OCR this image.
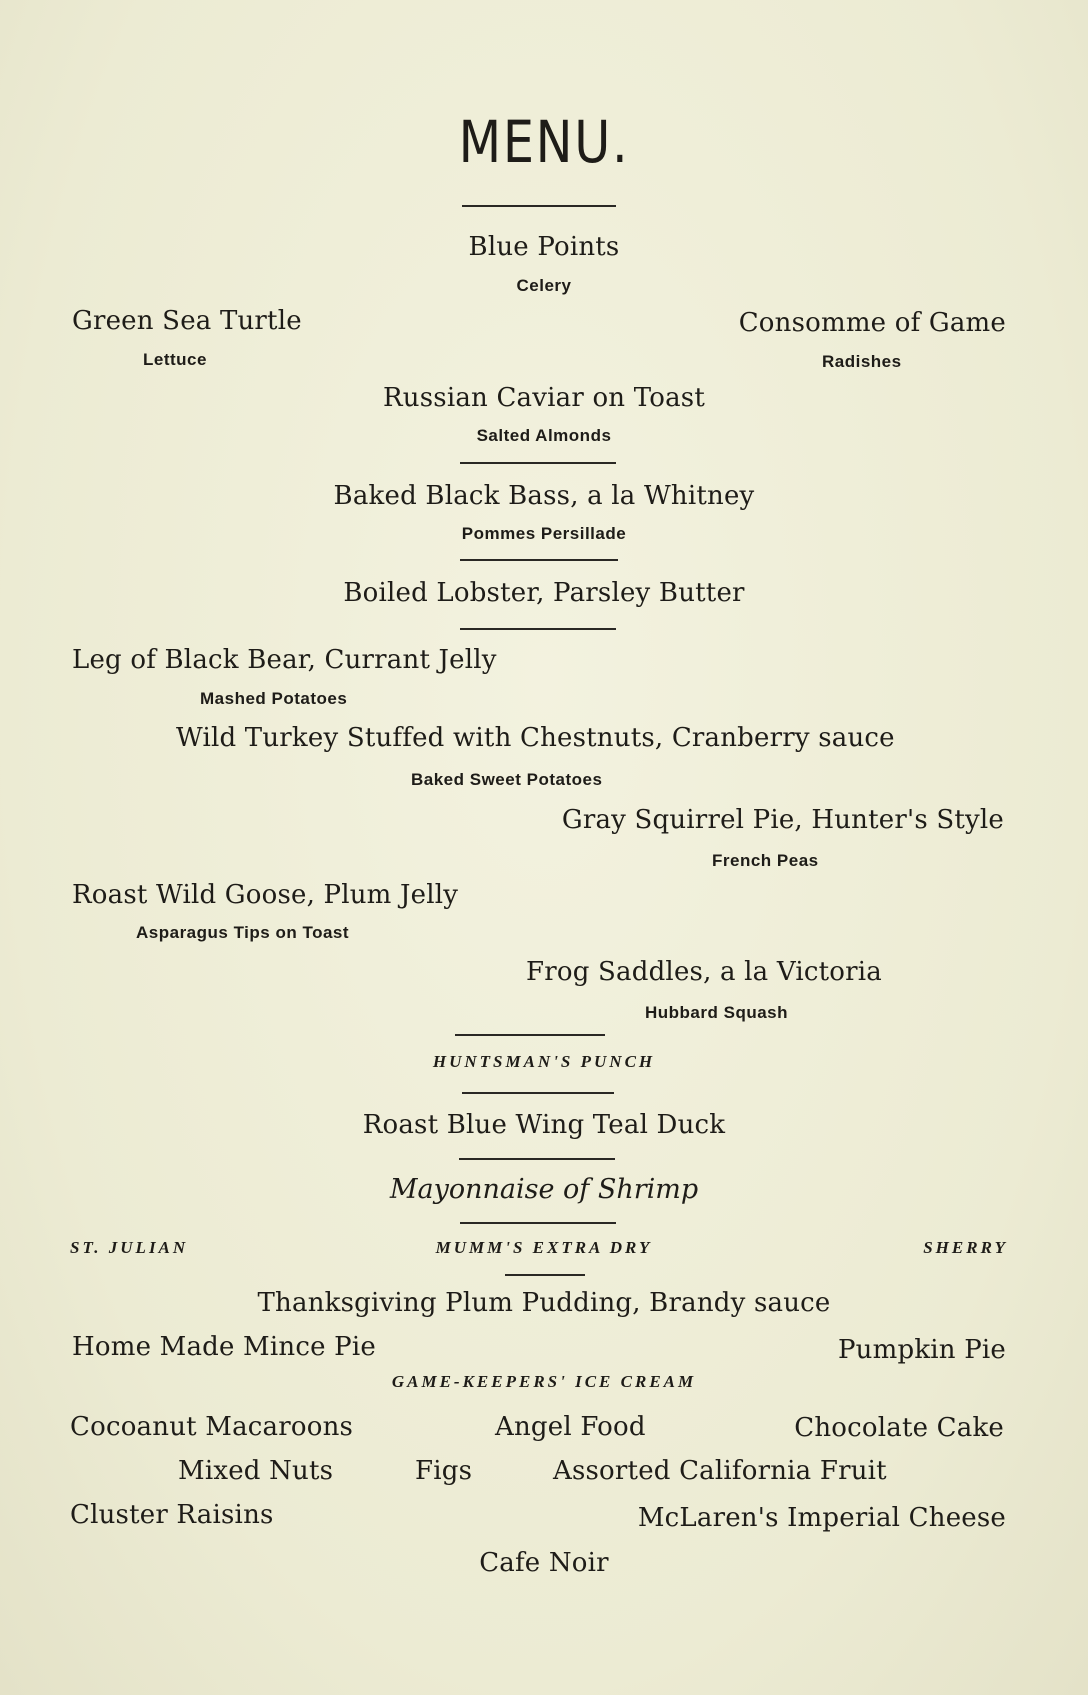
MENU.
Blue Points
Celery
Green Sea Turtle
Lettuce
Consomme of Game
Radishes
Russian Caviar on Toast
Salted Almonds
Baked Black Bass, a la Whitney
Pommes Persillade
Boiled Lobster, Parsley Butter
Leg of Black Bear, Currant Jelly
Mashed Potatoes
Wild Turkey Stuffed with Chestnuts, Cranberry sauce
Baked Sweet Potatoes
Gray Squirrel Pie, Hunter's Style
French Peas
Roast Wild Goose, Plum Jelly
Asparagus Tips on Toast
Frog Saddles, a la Victoria
Hubbard Squash
HUNTSMAN'S PUNCH
Roast Blue Wing Teal Duck
Mayonnaise of Shrimp
ST. JULIAN	MUMM'S EXTRA DRY	SHERRY
Thanksgiving Plum Pudding, Brandy sauce
Home Made Mince Pie	Pumpkin Pie
GAME-KEEPERS' ICE CREAM
Cocoanut Macaroons	Angel Food	Chocolate Cake
Mixed Nuts	Figs	Assorted California Fruit
Cluster Raisins	McLaren's Imperial Cheese
Cafe Noir
